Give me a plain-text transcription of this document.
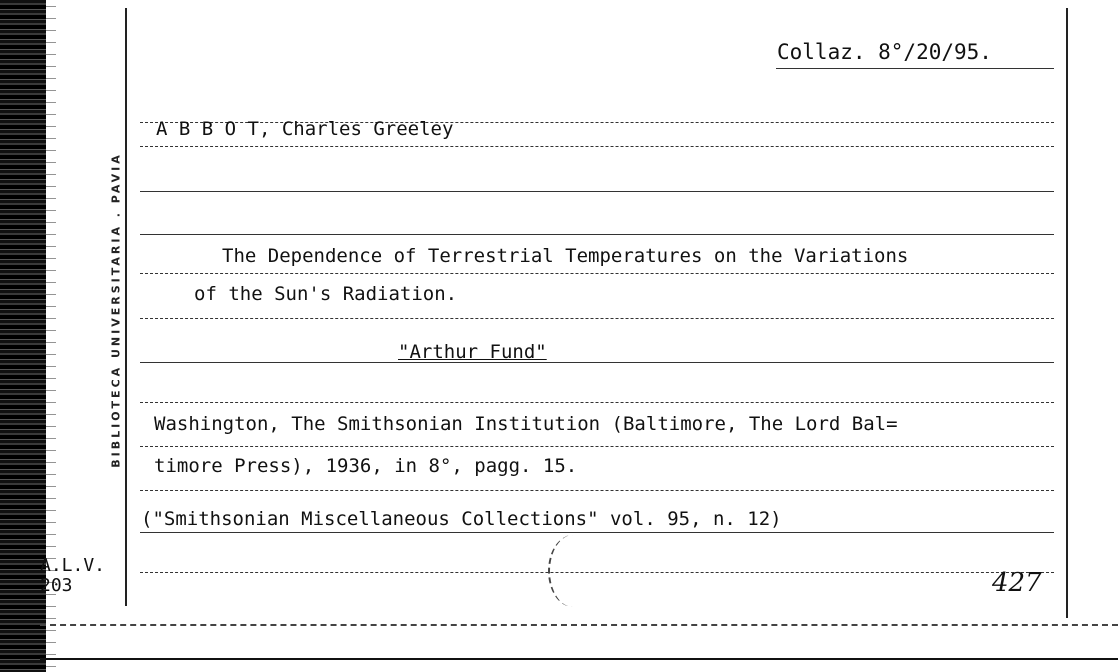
BIBLIOTECA UNIVERSITARIA . PAVIA
Collaz. 8°/20/95.
A B B O T, Charles Greeley
The Dependence of Terrestrial Temperatures on the Variations
of the Sun's Radiation.
"Arthur Fund"
Washington, The Smithsonian Institution (Baltimore, The Lord Bal=
timore Press), 1936, in 8°, pagg. 15.
("Smithsonian Miscellaneous Collections" vol. 95, n. 12)
A.L.V.
203	427
